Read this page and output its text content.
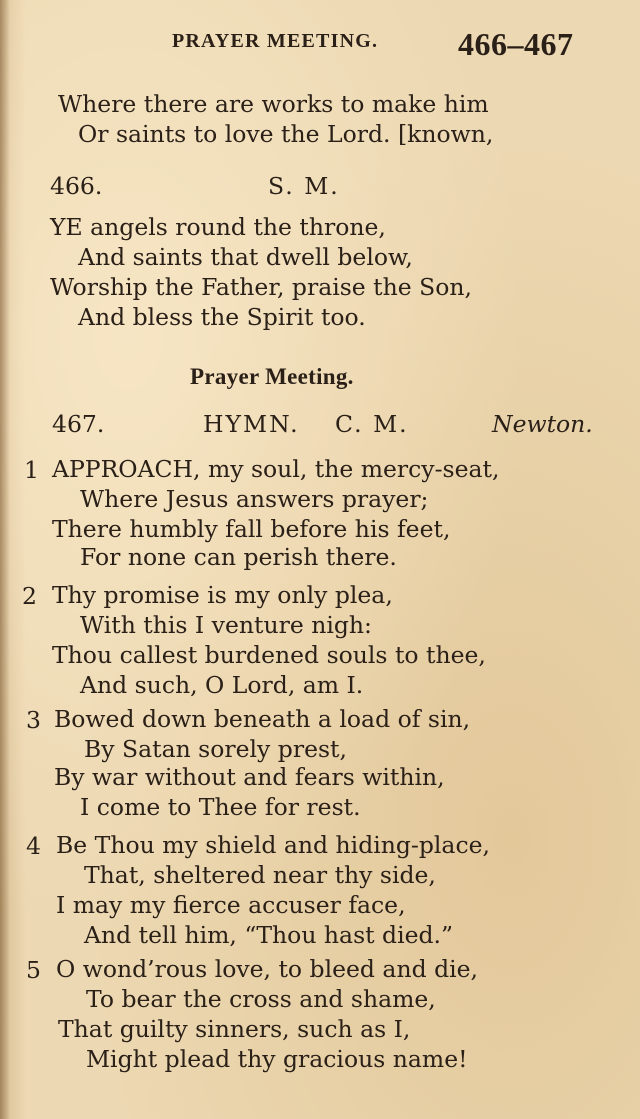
PRAYER MEETING. 466–467
Where there are works to make him
Or saints to love the Lord. [known,
466.	S. M.
YE angels round the throne,
And saints that dwell below,
Worship the Father, praise the Son,
And bless the Spirit too.
Prayer Meeting.
467.	HYMN. C. M.	Newton.
1 APPROACH, my soul, the mercy-seat,
Where Jesus answers prayer;
There humbly fall before his feet,
For none can perish there.
2 Thy promise is my only plea,
With this I venture nigh:
Thou callest burdened souls to thee,
And such, O Lord, am I.
3 Bowed down beneath a load of sin,
By Satan sorely prest,
By war without and fears within,
I come to Thee for rest.
4 Be Thou my shield and hiding-place,
That, sheltered near thy side,
I may my fierce accuser face,
And tell him, “Thou hast died.”
5 O wond’rous love, to bleed and die,
To bear the cross and shame,
That guilty sinners, such as I,
Might plead thy gracious name!
